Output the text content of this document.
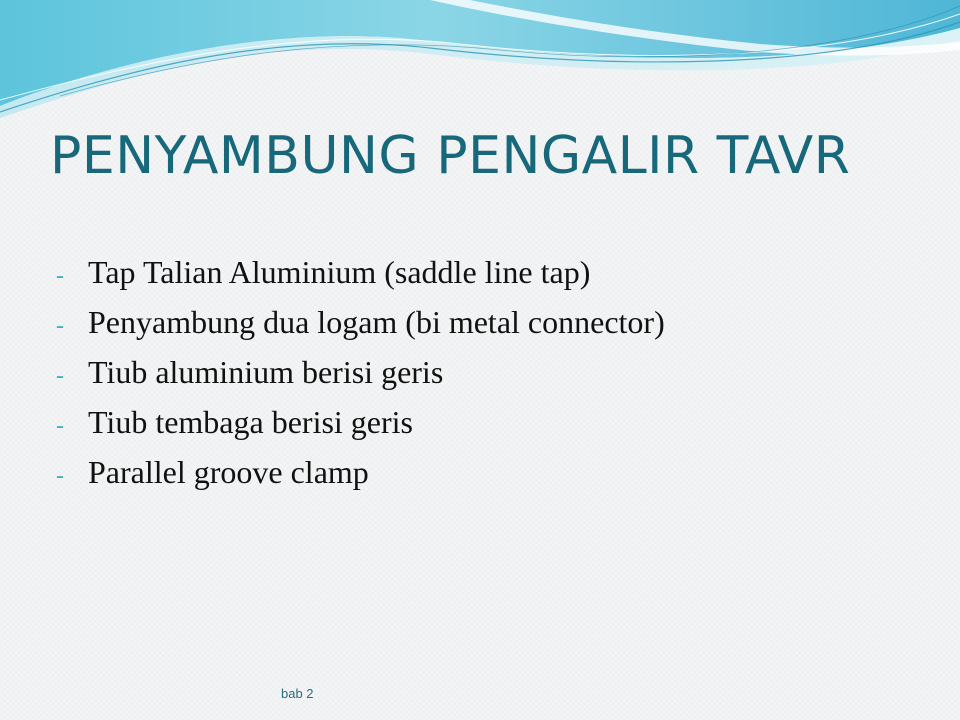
PENYAMBUNG PENGALIR TAVR
- Tap Talian Aluminium (saddle line tap)
- Penyambung dua logam (bi metal connector)
- Tiub aluminium berisi geris
- Tiub tembaga berisi geris
- Parallel groove clamp
bab 2
